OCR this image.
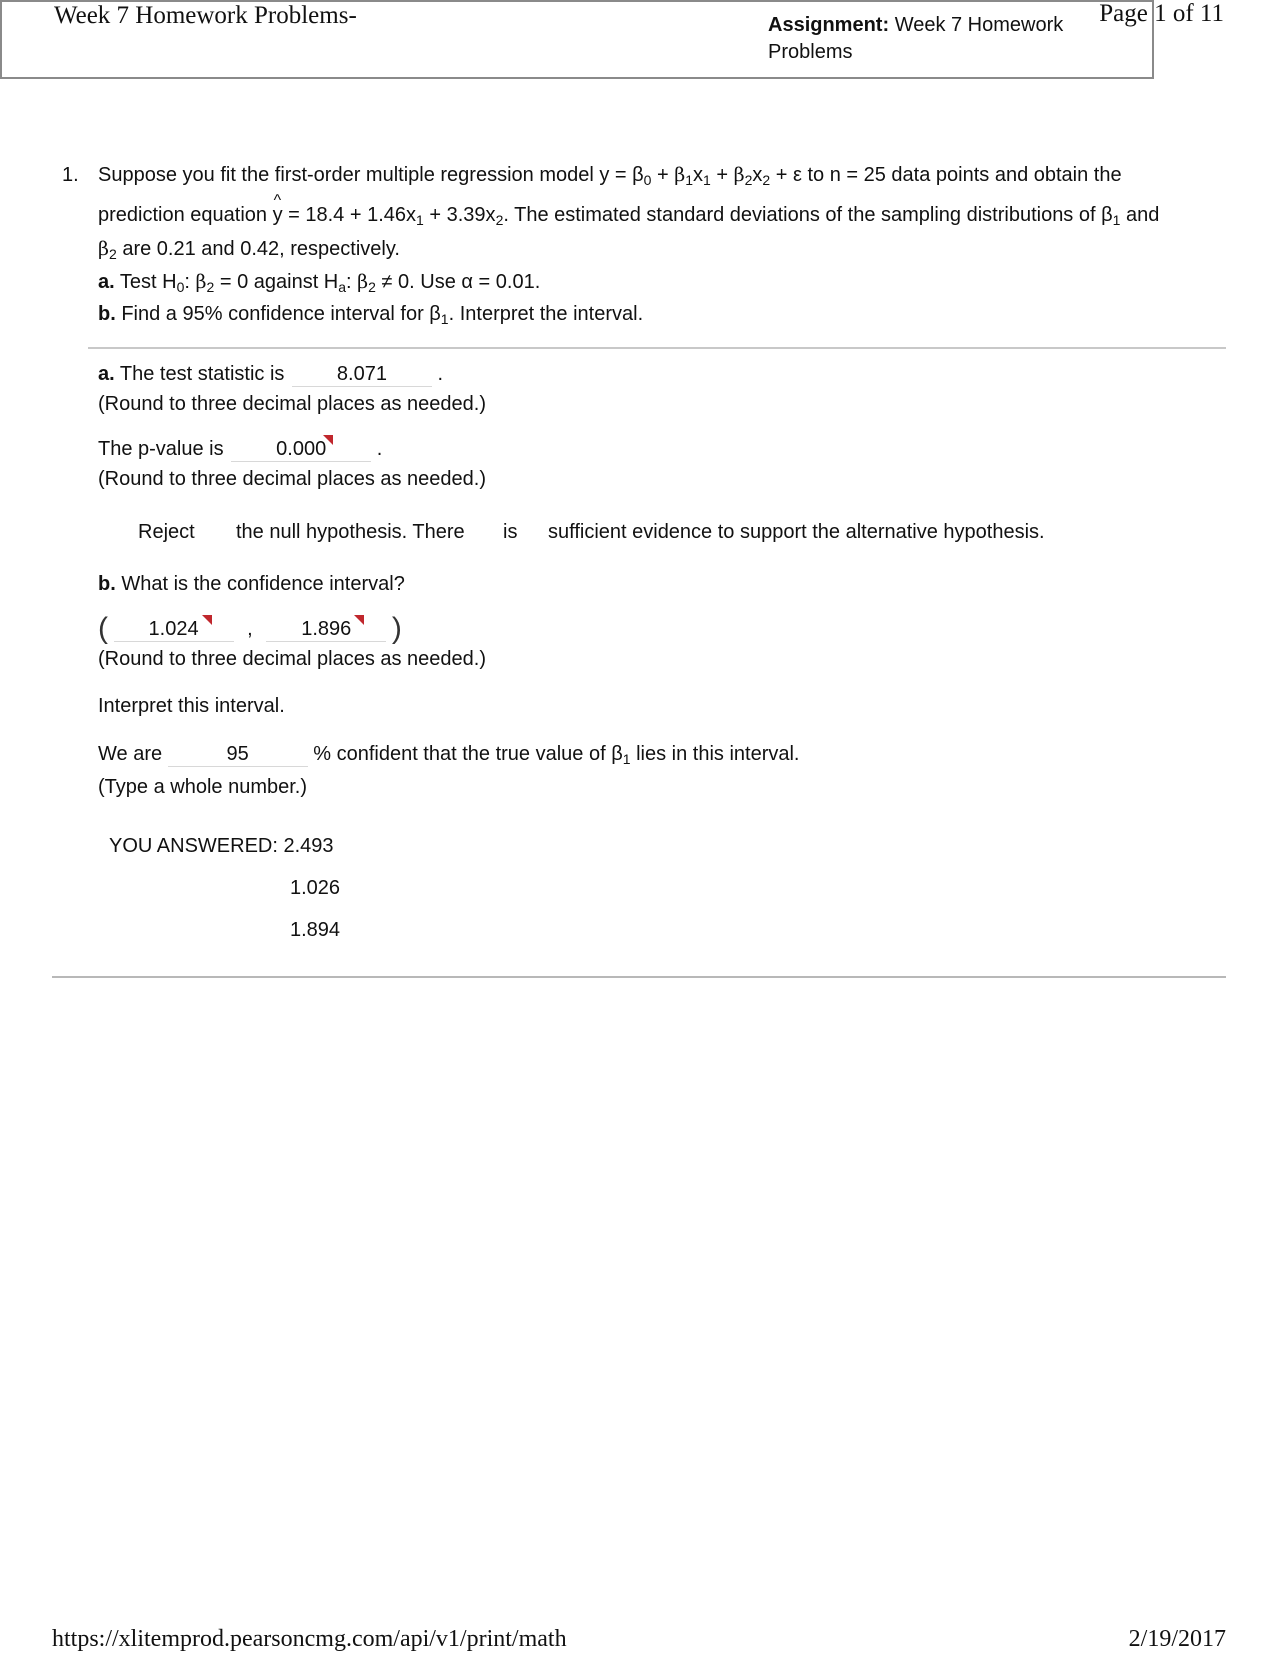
Week 7 Homework Problems-	Page 1 of 11
Assignment: Week 7 Homework Problems
1. Suppose you fit the first-order multiple regression model $y = \beta_0 + \beta_1x_1 + \beta_2x_2 + \varepsilon$ to n = 25 data points and obtain the
prediction equation ^ $y = 18.4 + 1.46x_1 + 3.39x_2$. The estimated standard deviations of the sampling distributions of $\beta_1$ and
$\beta_2$ are 0.21 and 0.42, respectively.
a. Test $H_0$: $\beta_2 = 0$ against $H_a$: $\beta_2 \ne 0$. Use α = 0.01.
b. Find a 95% confidence interval for $\beta_1$. Interpret the interval.
a. The test statistic is	8.071 .
(Round to three decimal places as needed.)
The p-value is	0.000
.
(Round to three decimal places as needed.)
Reject the null hypothesis. There is sufficient evidence to support the alternative hypothesis.
b. What is the confidence interval?
( 1.024 , 1.896 )
(Round to three decimal places as needed.)
Interpret this interval.
We are	95	% confident that the true value of $\beta_1$ lies in this interval.
(Type a whole number.)
YOU ANSWERED: 2.493
1.026
1.894
https://xlitemprod.pearsoncmg.com/api/v1/print/math	2/19/2017
